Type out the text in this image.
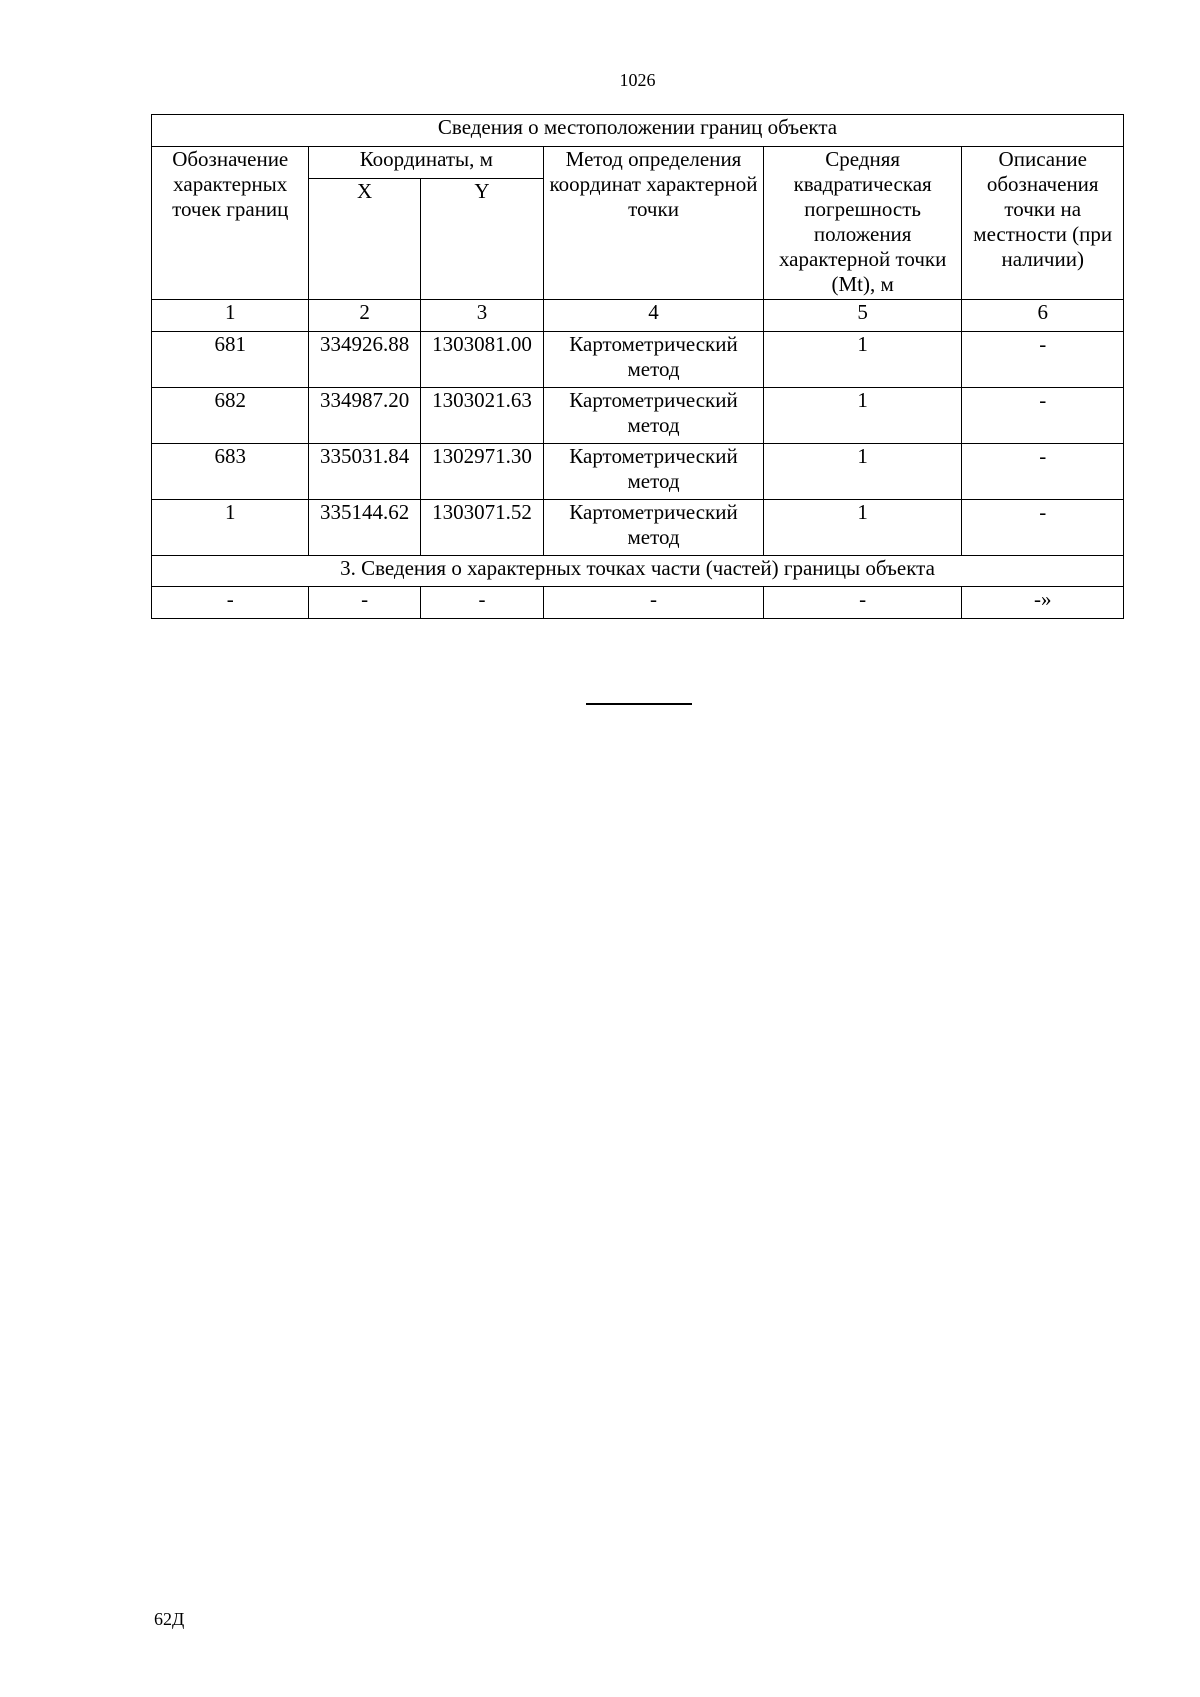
1026
Сведения о местоположении границ объекта					
Обозначение характерных точек границ	Координаты, м		Метод определения координат характерной точки	Средняя квадратическая погрешность положения характерной точки (Mt), м	Описание обозначения точки на местности (при наличии)
	X	Y			
1	2	3	4	5	6
681	334926.88	1303081.00	Картометрический метод	1	-
682	334987.20	1303021.63	Картометрический метод	1	-
683	335031.84	1302971.30	Картометрический метод	1	-
1	335144.62	1303071.52	Картометрический метод	1	-
3. Сведения о характерных точках части (частей) границы объекта					
-	-	-	-	-	-»
62Д
